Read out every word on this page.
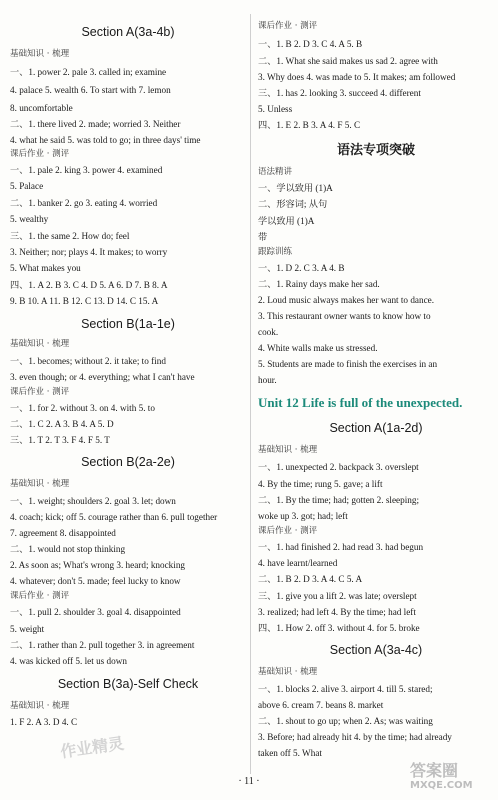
Section A(3a-4b)
基础知识 · 梳理
一、1. power 2. pale 3. called in; examine
4. palace 5. wealth 6. To start with 7. lemon
8. uncomfortable
二、1. there lived 2. made; worried 3. Neither
4. what he said 5. was told to go; in three days' time
课后作业 · 测评
一、1. pale 2. king 3. power 4. examined
5. Palace
二、1. banker 2. go 3. eating 4. worried
5. wealthy
三、1. the same 2. How do; feel
3. Neither; nor; plays 4. It makes; to worry
5. What makes you
四、1. A 2. B 3. C 4. D 5. A 6. D 7. B 8. A
9. B 10. A 11. B 12. C 13. D 14. C 15. A
Section B(1a-1e)
基础知识 · 梳理
一、1. becomes; without 2. it take; to find
3. even though; or 4. everything; what I can't have
课后作业 · 测评
一、1. for 2. without 3. on 4. with 5. to
二、1. C 2. A 3. B 4. A 5. D
三、1. T 2. T 3. F 4. F 5. T
Section B(2a-2e)
基础知识 · 梳理
一、1. weight; shoulders 2. goal 3. let; down
4. coach; kick; off 5. courage rather than 6. pull together
7. agreement 8. disappointed
二、1. would not stop thinking
2. As soon as; What's wrong 3. heard; knocking
4. whatever; don't 5. made; feel lucky to know
课后作业 · 测评
一、1. pull 2. shoulder 3. goal 4. disappointed
5. weight
二、1. rather than 2. pull together 3. in agreement
4. was kicked off 5. let us down
Section B(3a)-Self Check
基础知识 · 梳理
1. F 2. A 3. D 4. C
课后作业 · 测评
一、1. B 2. D 3. C 4. A 5. B
二、1. What she said makes us sad 2. agree with
3. Why does 4. was made to 5. It makes; am followed
三、1. has 2. looking 3. succeed 4. different
5. Unless
四、1. E 2. B 3. A 4. F 5. C
语法专项突破
语法精讲
一、学以致用 (1)A
二、形容词; 从句
学以致用 (1)A
带
跟踪训练
一、1. D 2. C 3. A 4. B
二、1. Rainy days make her sad.
2. Loud music always makes her want to dance.
3. This restaurant owner wants to know how to
cook.
4. White walls make us stressed.
5. Students are made to finish the exercises in an
hour.
Unit 12 Life is full of the unexpected.
Section A(1a-2d)
基础知识 · 梳理
一、1. unexpected 2. backpack 3. overslept
4. By the time; rung 5. gave; a lift
二、1. By the time; had; gotten 2. sleeping;
woke up 3. got; had; left
课后作业 · 测评
一、1. had finished 2. had read 3. had begun
4. have learnt/learned
二、1. B 2. D 3. A 4. C 5. A
三、1. give you a lift 2. was late; overslept
3. realized; had left 4. By the time; had left
四、1. How 2. off 3. without 4. for 5. broke
Section A(3a-4c)
基础知识 · 梳理
一、1. blocks 2. alive 3. airport 4. till 5. stared;
above 6. cream 7. beans 8. market
二、1. shout to go up; when 2. As; was waiting
3. Before; had already hit 4. by the time; had already
taken off 5. What
作业精灵
答案圈
MXQE.COM
· 11 ·
